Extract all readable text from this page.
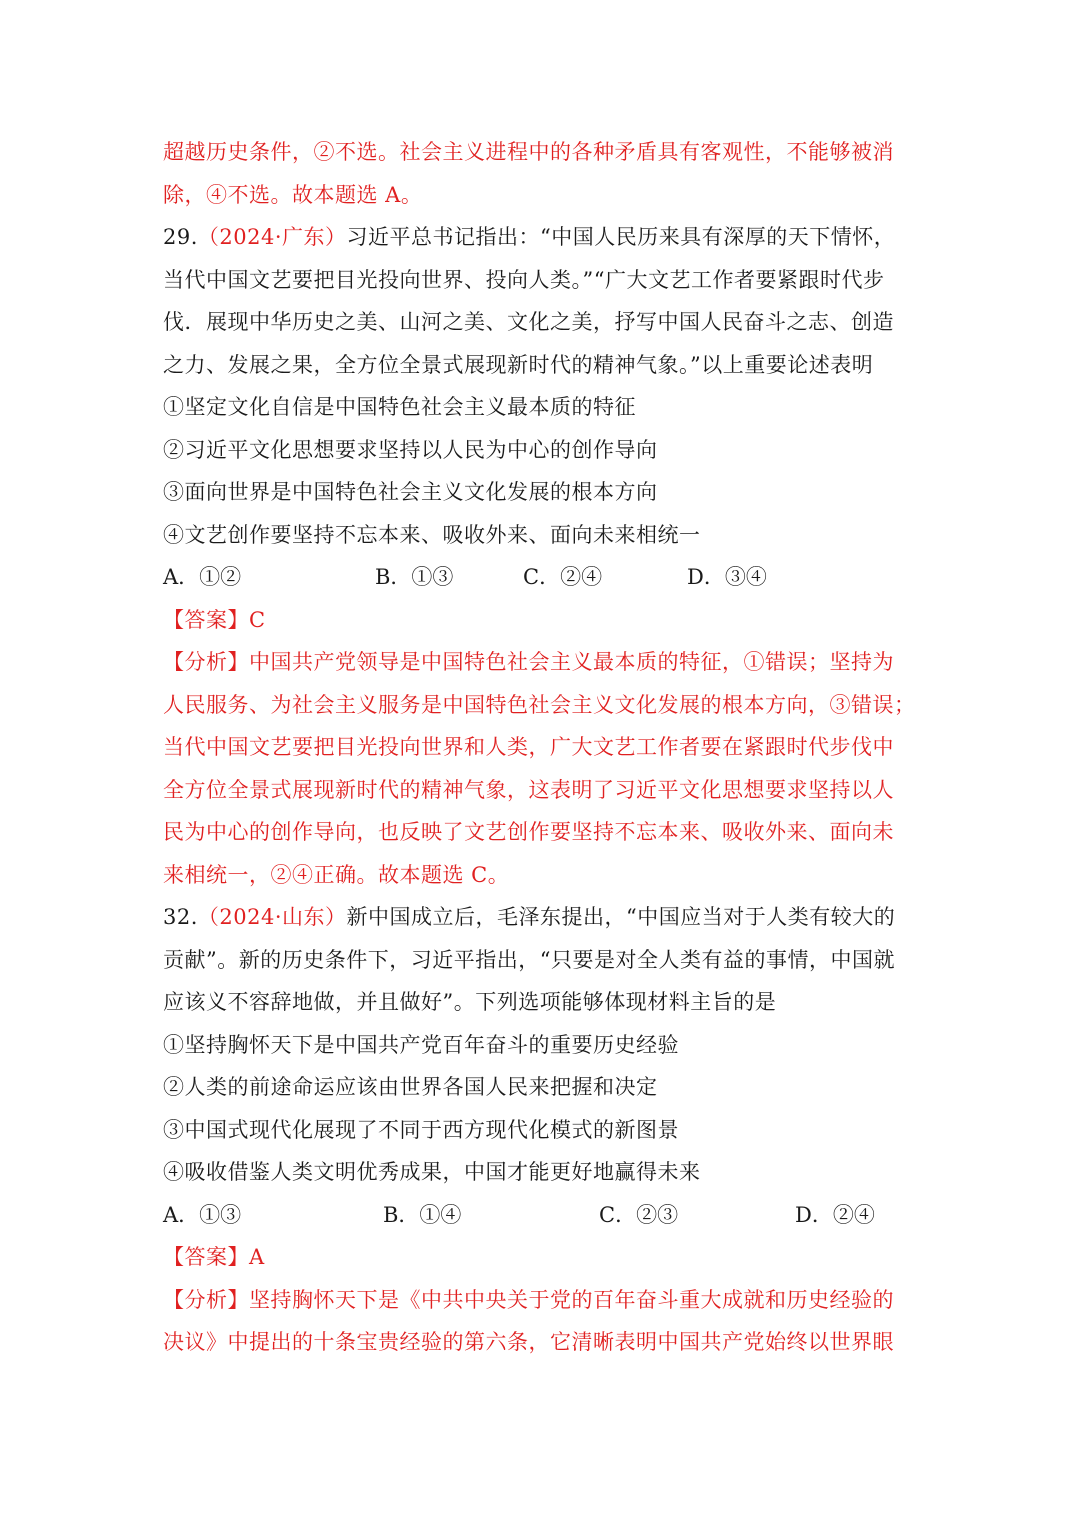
超越历史条件，②不选。社会主义进程中的各种矛盾具有客观性，不能够被消
除，④不选。故本题选 A。
29.（2024·广东）习近平总书记指出：“中国人民历来具有深厚的天下情怀，
当代中国文艺要把目光投向世界、投向人类。”“广大文艺工作者要紧跟时代步
伐．展现中华历史之美、山河之美、文化之美，抒写中国人民奋斗之志、创造
之力、发展之果，全方位全景式展现新时代的精神气象。”以上重要论述表明
①坚定文化自信是中国特色社会主义最本质的特征
②习近平文化思想要求坚持以人民为中心的创作导向
③面向世界是中国特色社会主义文化发展的根本方向
④文艺创作要坚持不忘本来、吸收外来、面向未来相统一
A．①②	B．①③	C．②④	D．③④
【答案】C
【分析】中国共产党领导是中国特色社会主义最本质的特征，①错误；坚持为
人民服务、为社会主义服务是中国特色社会主义文化发展的根本方向，③错误；
当代中国文艺要把目光投向世界和人类，广大文艺工作者要在紧跟时代步伐中
全方位全景式展现新时代的精神气象，这表明了习近平文化思想要求坚持以人
民为中心的创作导向，也反映了文艺创作要坚持不忘本来、吸收外来、面向未
来相统一，②④正确。故本题选 C。
32.（2024·山东）新中国成立后，毛泽东提出，“中国应当对于人类有较大的
贡献”。新的历史条件下，习近平指出，“只要是对全人类有益的事情，中国就
应该义不容辞地做，并且做好”。下列选项能够体现材料主旨的是
①坚持胸怀天下是中国共产党百年奋斗的重要历史经验
②人类的前途命运应该由世界各国人民来把握和决定
③中国式现代化展现了不同于西方现代化模式的新图景
④吸收借鉴人类文明优秀成果，中国才能更好地赢得未来
A．①③	B．①④	C．②③	D．②④
【答案】A
【分析】坚持胸怀天下是《中共中央关于党的百年奋斗重大成就和历史经验的
决议》中提出的十条宝贵经验的第六条，它清晰表明中国共产党始终以世界眼
